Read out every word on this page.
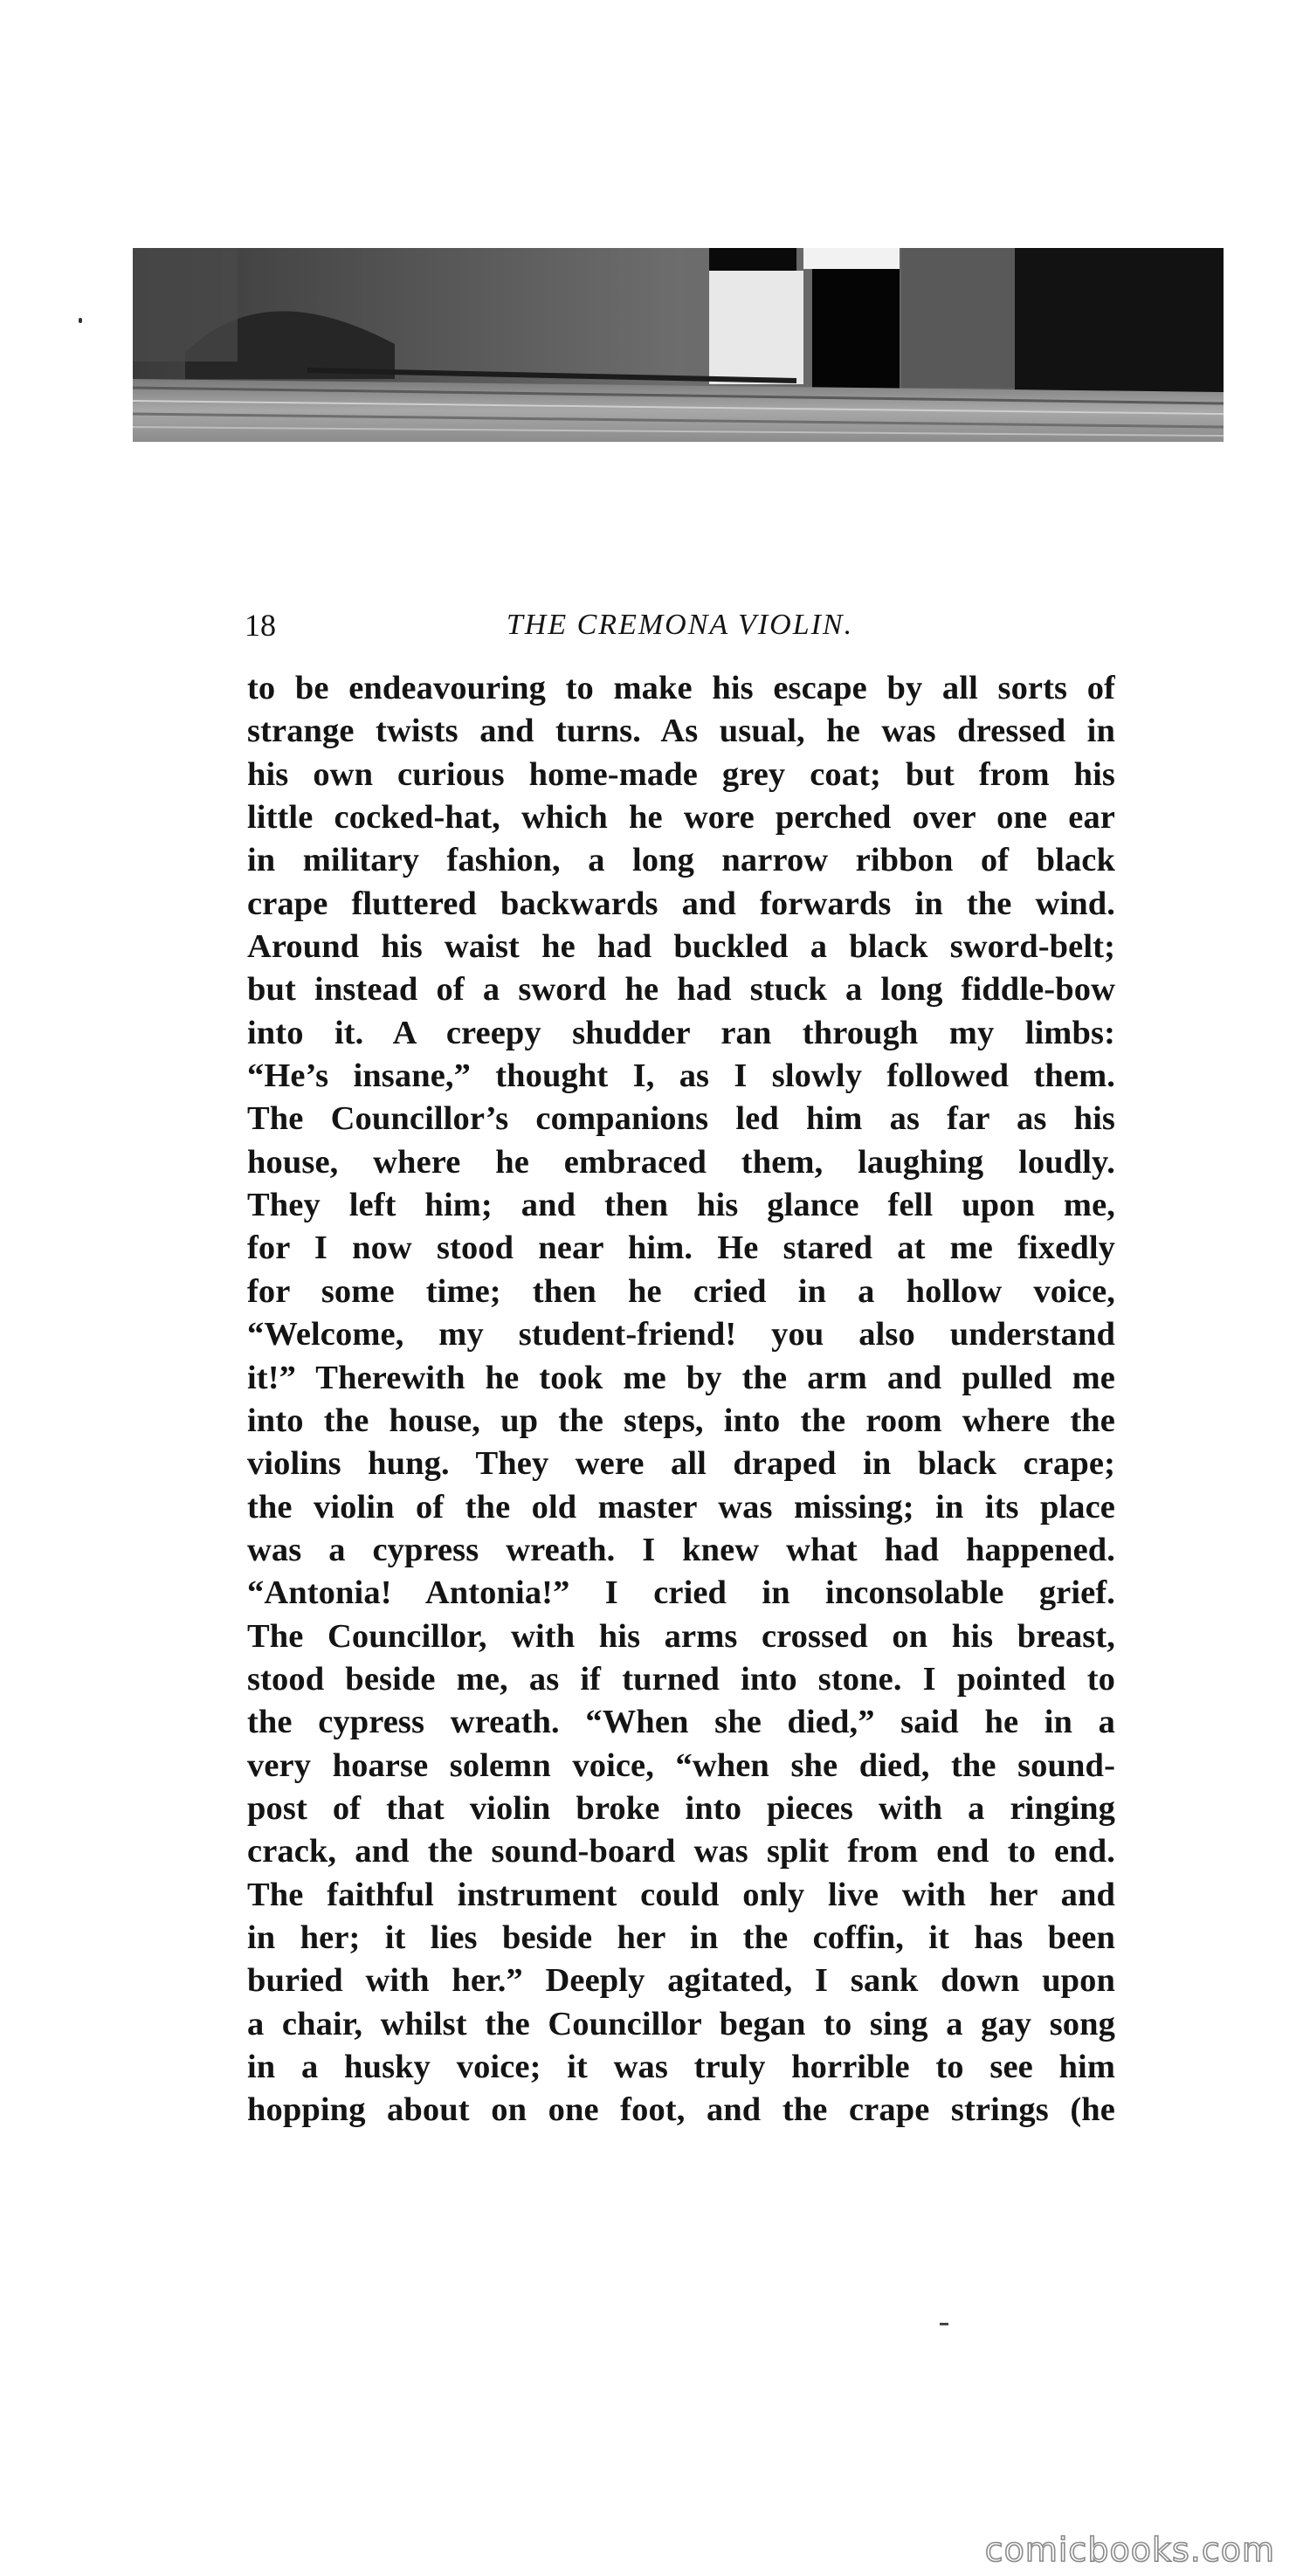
18	THE CREMONA VIOLIN.
to be endeavouring to make his escape by all sorts of
strange twists and turns. As usual, he was dressed in
his own curious home-made grey coat; but from his
little cocked-hat, which he wore perched over one ear
in military fashion, a long narrow ribbon of black
crape fluttered backwards and forwards in the wind.
Around his waist he had buckled a black sword-belt;
but instead of a sword he had stuck a long fiddle-bow
into it. A creepy shudder ran through my limbs:
“He’s insane,” thought I, as I slowly followed them.
The Councillor’s companions led him as far as his
house, where he embraced them, laughing loudly.
They left him; and then his glance fell upon me,
for I now stood near him. He stared at me fixedly
for some time; then he cried in a hollow voice,
“Welcome, my student-friend! you also understand
it!” Therewith he took me by the arm and pulled me
into the house, up the steps, into the room where the
violins hung. They were all draped in black crape;
the violin of the old master was missing; in its place
was a cypress wreath. I knew what had happened.
“Antonia! Antonia!” I cried in inconsolable grief.
The Councillor, with his arms crossed on his breast,
stood beside me, as if turned into stone. I pointed to
the cypress wreath. “When she died,” said he in a
very hoarse solemn voice, “when she died, the sound-
post of that violin broke into pieces with a ringing
crack, and the sound-board was split from end to end.
The faithful instrument could only live with her and
in her; it lies beside her in the coffin, it has been
buried with her.” Deeply agitated, I sank down upon
a chair, whilst the Councillor began to sing a gay song
in a husky voice; it was truly horrible to see him
hopping about on one foot, and the crape strings (he
comicbooks.com
